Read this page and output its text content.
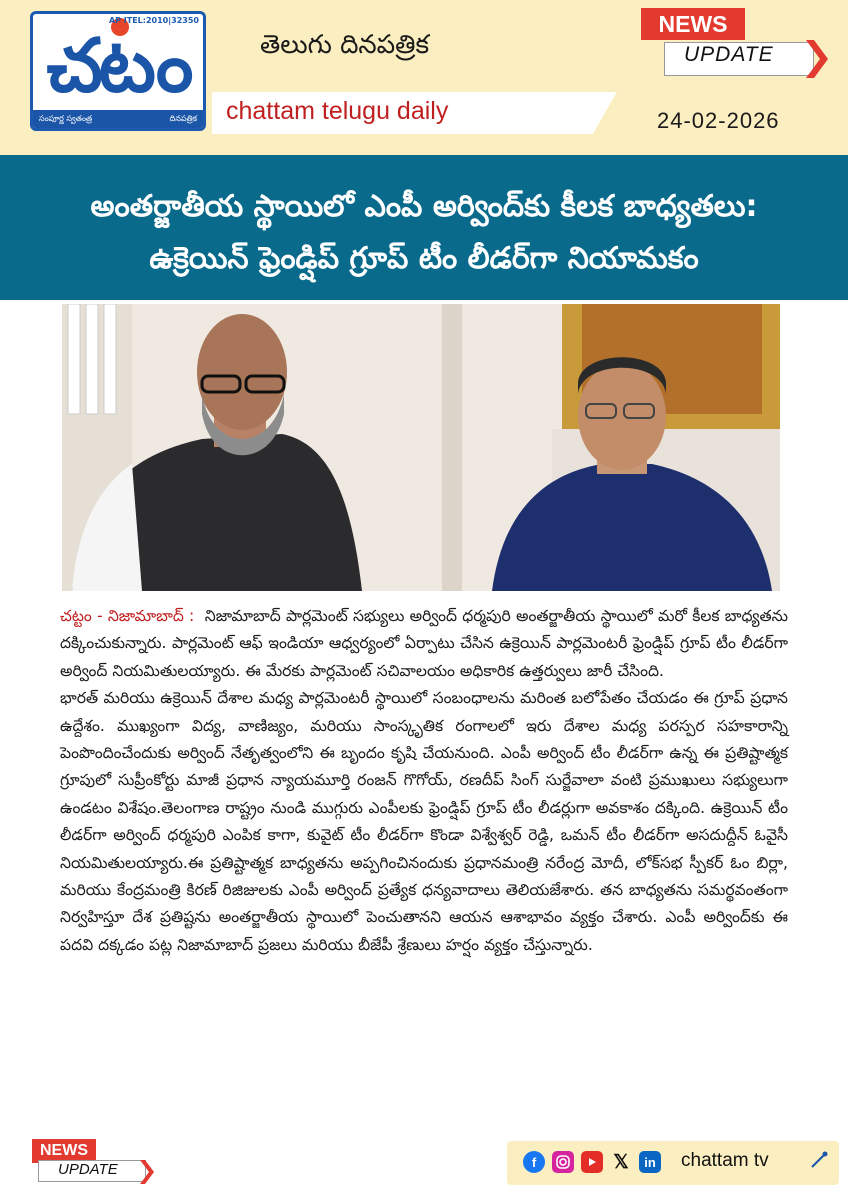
AP ITEL:2010|32350
చటం
సంపూర్ణ స్వతంత్ర	దినపత్రిక
తెలుగు దినపత్రిక
chattam telugu daily	24-02-2026
NEWS
UPDATE

అంతర్జాతీయ స్థాయిలో ఎంపీ అర్వింద్‌కు కీలక బాధ్యతలు:

ఉక్రెయిన్ ఫ్రెండ్షిప్ గ్రూప్ టీం లీడర్‌గా నియామకం

చట్టం - నిజామాబాద్ : నిజామాబాద్ పార్లమెంట్ సభ్యులు అర్వింద్ ధర్మపురి అంతర్జాతీయ స్థాయిలో మరో కీలక బాధ్యతను దక్కించుకున్నారు. పార్లమెంట్ ఆఫ్ ఇండియా ఆధ్వర్యంలో ఏర్పాటు చేసిన ఉక్రెయిన్ పార్లమెంటరీ ఫ్రెండ్షిప్ గ్రూప్ టీం లీడర్‌గా అర్వింద్ నియమితులయ్యారు. ఈ మేరకు పార్లమెంట్ సచివాలయం అధికారిక ఉత్తర్వులు జారీ చేసింది.

భారత్ మరియు ఉక్రెయిన్ దేశాల మధ్య పార్లమెంటరీ స్థాయిలో సంబంధాలను మరింత బలోపేతం చేయడం ఈ గ్రూప్ ప్రధాన ఉద్దేశం. ముఖ్యంగా విద్య, వాణిజ్యం, మరియు సాంస్కృతిక రంగాలలో ఇరు దేశాల మధ్య పరస్పర సహకారాన్ని పెంపొందించేందుకు అర్వింద్ నేతృత్వంలోని ఈ బృందం కృషి చేయనుంది. ఎంపీ అర్వింద్ టీం లీడర్‌గా ఉన్న ఈ ప్రతిష్టాత్మక గ్రూపులో సుప్రీంకోర్టు మాజీ ప్రధాన న్యాయమూర్తి రంజన్ గొగోయ్, రణదీప్ సింగ్ సుర్జేవాలా వంటి ప్రముఖులు సభ్యులుగా ఉండటం విశేషం.తెలంగాణ రాష్ట్రం నుండి ముగ్గురు ఎంపీలకు ఫ్రెండ్షిప్ గ్రూప్ టీం లీడర్లుగా అవకాశం దక్కింది. ఉక్రెయిన్ టీం లీడర్‌గా అర్వింద్ ధర్మపురి ఎంపిక కాగా, కువైట్ టీం లీడర్‌గా కొండా విశ్వేశ్వర్ రెడ్డి, ఒమన్ టీం లీడర్‌గా అసదుద్దీన్ ఓవైసీ నియమితులయ్యారు.ఈ ప్రతిష్టాత్మక బాధ్యతను అప్పగించినందుకు ప్రధానమంత్రి నరేంద్ర మోదీ, లోక్‌సభ స్పీకర్ ఓం బిర్లా, మరియు కేంద్రమంత్రి కిరణ్ రిజిజులకు ఎంపీ అర్వింద్ ప్రత్యేక ధన్యవాదాలు తెలియజేశారు. తన బాధ్యతను సమర్థవంతంగా నిర్వహిస్తూ దేశ ప్రతిష్టను అంతర్జాతీయ స్థాయిలో పెంచుతానని ఆయన ఆశాభావం వ్యక్తం చేశారు. ఎంపీ అర్వింద్‌కు ఈ పదవి దక్కడం పట్ల నిజామాబాద్ ప్రజలు మరియు బీజేపీ శ్రేణులు హర్షం వ్యక్తం చేస్తున్నారు.

NEWS
UPDATE	f	𝕏	in chattam tv
